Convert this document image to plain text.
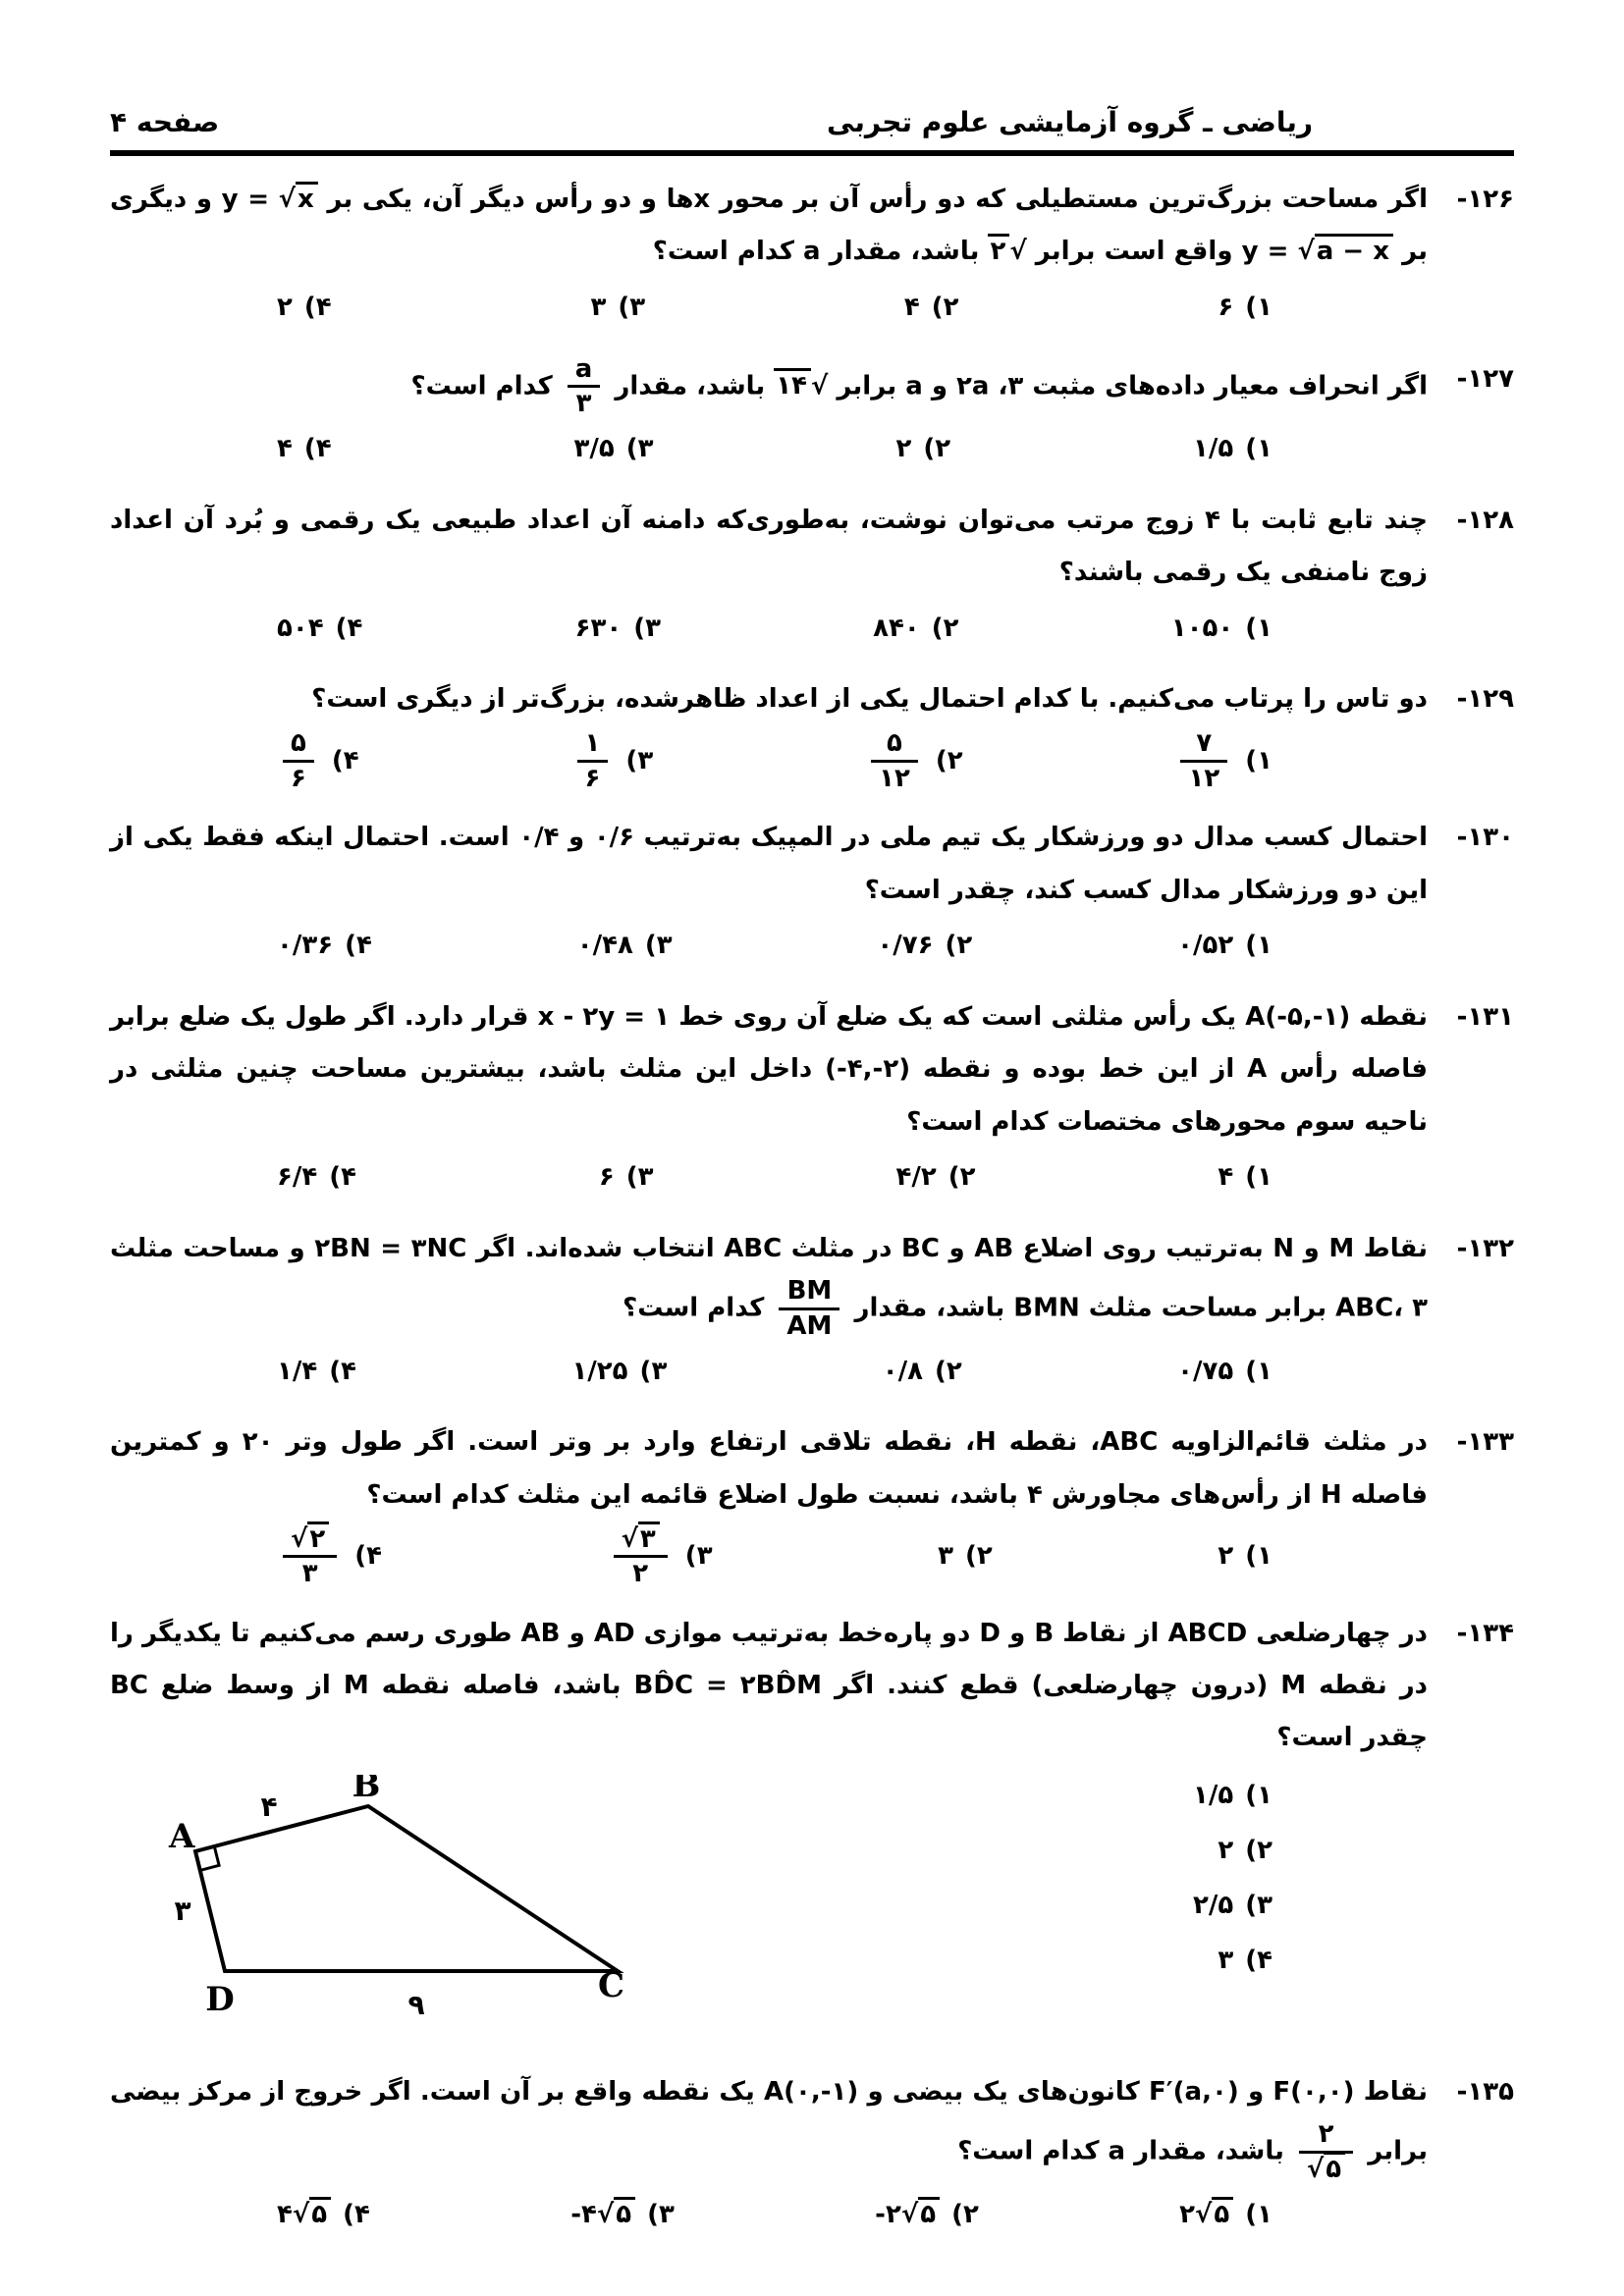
ریاضی ـ گروه آزمایشی علوم تجربی
صفحه ۴
۱۲۶-

اگر مساحت بزرگ‌ترین مستطیلی که دو رأس آن بر محور x‌ها و دو رأس دیگر آن، یکی بر y = √x و دیگری بر y = √a − x واقع است برابر √۲ باشد، مقدار a کدام است؟

۱)
۶
۲)
۴
۳)
۳
۴)
۲
۱۲۷-

اگر انحراف معیار داده‌های مثبت ۳، ۲a و a برابر √۱۴ باشد، مقدار
$\frac{a}{۳}$
کدام است؟

۱)
۱/۵
۲)
۲
۳)
۳/۵
۴)
۴
۱۲۸-

چند تابع ثابت با ۴ زوج مرتب می‌توان نوشت، به‌طوری‌که دامنه آن اعداد طبیعی یک رقمی و بُرد آن اعداد زوج نامنفی یک رقمی باشند؟

۱)
۱۰۵۰
۲)
۸۴۰
۳)
۶۳۰
۴)
۵۰۴
۱۲۹-

دو تاس را پرتاب می‌کنیم. با کدام احتمال یکی از اعداد ظاهرشده، بزرگ‌تر از دیگری است؟

۱)
$\frac{۷}{۱۲}$
۲)
$\frac{۵}{۱۲}$
۳)
$\frac{۱}{۶}$
۴)
$\frac{۵}{۶}$
۱۳۰-

احتمال کسب مدال دو ورزشکار یک تیم ملی در المپیک به‌ترتیب ۰/۶ و ۰/۴ است. احتمال اینکه فقط یکی از این دو ورزشکار مدال کسب کند، چقدر است؟

۱)
۰/۵۲
۲)
۰/۷۶
۳)
۰/۴۸
۴)
۰/۳۶
۱۳۱-

نقطه A(-۵,-۱) یک رأس مثلثی است که یک ضلع آن روی خط x - ۲y = ۱ قرار دارد. اگر طول یک ضلع برابر فاصله رأس A از این خط بوده و نقطه (-۴,-۲) داخل این مثلث باشد، بیشترین مساحت چنین مثلثی در ناحیه سوم محورهای مختصات کدام است؟

۱)
۴
۲)
۴/۲
۳)
۶
۴)
۶/۴
۱۳۲-

نقاط M و N به‌ترتیب روی اضلاع AB و BC در مثلث ABC انتخاب شده‌اند. اگر ۲BN = ۳NC و مساحت مثلث ABC، ۳ برابر مساحت مثلث BMN باشد، مقدار
$\frac{BM}{AM}$
کدام است؟

۱)
۰/۷۵
۲)
۰/۸
۳)
۱/۲۵
۴)
۱/۴
۱۳۳-

در مثلث قائم‌الزاویه ABC، نقطه H، نقطه تلاقی ارتفاع وارد بر وتر است. اگر طول وتر ۲۰ و کمترین فاصله H از رأس‌های مجاورش ۴ باشد، نسبت طول اضلاع قائمه این مثلث کدام است؟

۱)
۲
۲)
۳
۳)
$\frac{√۳}{۲}$
۴)
$\frac{√۲}{۳}$
۱۳۴-

در چهارضلعی ABCD از نقاط B و D دو پاره‌خط به‌ترتیب موازی AD و AB طوری رسم می‌کنیم تا یکدیگر را در نقطه M (درون چهارضلعی) قطع کنند. اگر BD̂C = ۲BD̂M باشد، فاصله نقطه M از وسط ضلع BC چقدر است؟

۱)
۱/۵
۲)
۲
۳)
۲/۵
۴)
۳
A
B
C
D
۴
۳
۹
۱۳۵-

نقاط F(۰,۰) و F′(a,۰) کانون‌های یک بیضی و A(۰,-۱) یک نقطه واقع بر آن است. اگر خروج از مرکز بیضی برابر
$\frac{۲}{√۵}$
باشد، مقدار a کدام است؟

۱)
۲√۵
۲)
-۲√۵
۳)
-۴√۵
۴)
۴√۵
